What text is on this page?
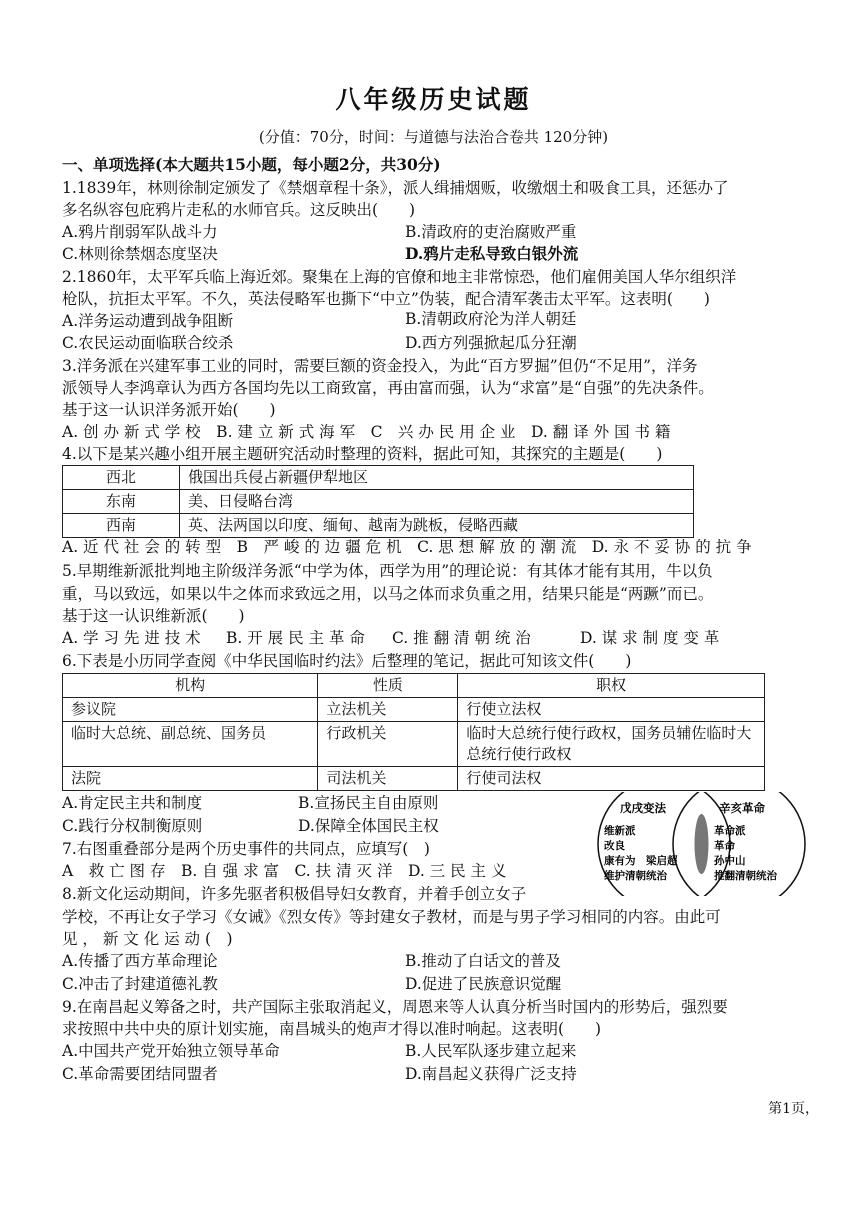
八年级历史试题
(分值：70分，时间：与道德与法治合卷共 120分钟)
一、单项选择(本大题共15小题，每小题2分，共30分)
1.1839年，林则徐制定颁发了《禁烟章程十条》，派人缉捕烟贩，收缴烟土和吸食工具，还惩办了
多名纵容包庇鸦片走私的水师官兵。这反映出(　　)
A.鸦片削弱军队战斗力	B.清政府的吏治腐败严重
C.林则徐禁烟态度坚决	D.鸦片走私导致白银外流
2.1860年，太平军兵临上海近郊。聚集在上海的官僚和地主非常惊恐，他们雇佣美国人华尔组织洋
枪队，抗拒太平军。不久，英法侵略军也撕下“中立”伪装，配合清军袭击太平军。这表明(　　)
A.洋务运动遭到战争阻断	B.清朝政府沦为洋人朝廷
C.农民运动面临联合绞杀	D.西方列强掀起瓜分狂潮
3.洋务派在兴建军事工业的同时，需要巨额的资金投入，为此“百方罗掘”但仍“不足用”，洋务
派领导人李鸿章认为西方各国均先以工商致富，再由富而强，认为“求富”是“自强”的先决条件。
基于这一认识洋务派开始(　　)
A. 创 办 新 式 学 校　B. 建 立 新 式 海 军　C　兴 办 民 用 企 业　D. 翻 译 外 国 书 籍
4.以下是某兴趣小组开展主题研究活动时整理的资料，据此可知，其探究的主题是(　　)
西北	俄国出兵侵占新疆伊犁地区
东南	美、日侵略台湾
西南	英、法两国以印度、缅甸、越南为跳板，侵略西藏
A. 近 代 社 会 的 转 型　B　严 峻 的 边 疆 危 机　C. 思 想 解 放 的 潮 流　D. 永 不 妥 协 的 抗 争
5.早期维新派批判地主阶级洋务派“中学为体，西学为用”的理论说：有其体才能有其用，牛以负
重，马以致远，如果以牛之体而求致远之用，以马之体而求负重之用，结果只能是“两蹶”而已。
基于这一认识维新派(　　)
A. 学 习 先 进 技 术 B. 开 展 民 主 革 命 C. 推 翻 清 朝 统 治	D. 谋 求 制 度 变 革
6.下表是小历同学查阅《中华民国临时约法》后整理的笔记，据此可知该文件(　　)
机构	性质	职权
参议院	立法机关	行使立法权
临时大总统、副总统、国务员	行政机关	临时大总统行使行政权，国务员辅佐临时大总统行使行政权
法院	司法机关	行使司法权
A.肯定民主共和制度	B.宣扬民主自由原则
C.践行分权制衡原则	D.保障全体国民主权
戊戌变法	辛亥革命
维新派
改良
康有为　梁启超
维护清朝统治
革命派
革命
孙中山
推翻清朝统治
7.右图重叠部分是两个历史事件的共同点，应填写(　)
A　救 亡 图 存　B. 自 强 求 富　C. 扶 清 灭 洋　D. 三 民 主 义
8.新文化运动期间，许多先驱者积极倡导妇女教育，并着手创立女子
学校，不再让女子学习《女诫》《烈女传》等封建女子教材，而是与男子学习相同的内容。由此可
见 ， 新 文 化 运 动 (　)
A.传播了西方革命理论	B.推动了白话文的普及
C.冲击了封建道德礼教	D.促进了民族意识觉醒
9.在南昌起义筹备之时，共产国际主张取消起义，周恩来等人认真分析当时国内的形势后，强烈要
求按照中共中央的原计划实施，南昌城头的炮声才得以准时响起。这表明(　　)
A.中国共产党开始独立领导革命	B.人民军队逐步建立起来
C.革命需要团结同盟者	D.南昌起义获得广泛支持
第1页，
